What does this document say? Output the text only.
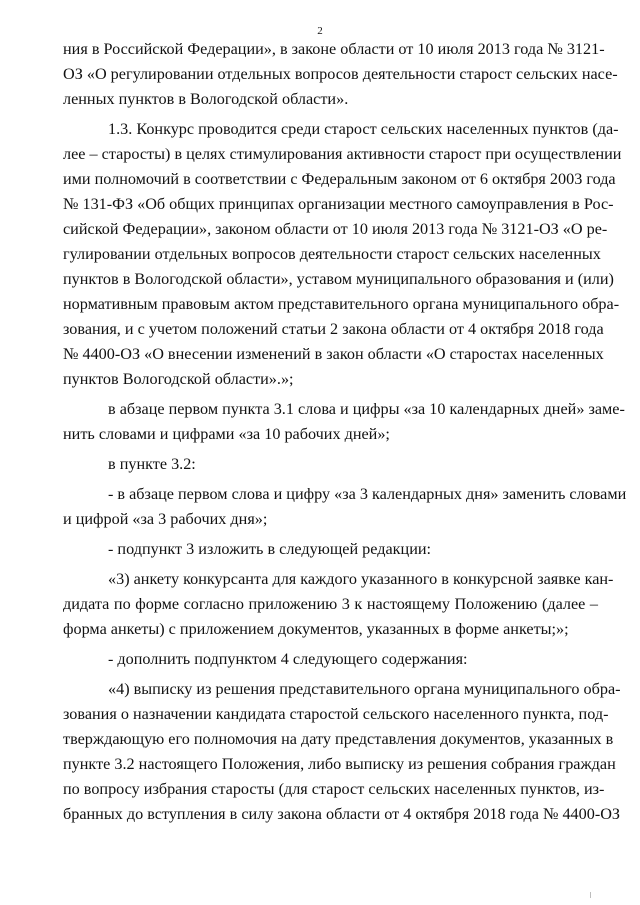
2
ния в Российской Федерации», в законе области от 10 июля 2013 года № 3121-
ОЗ «О регулировании отдельных вопросов деятельности старост сельских насе-
ленных пунктов в Вологодской области».
1.3. Конкурс проводится среди старост сельских населенных пунктов (да-
лее – старосты) в целях стимулирования активности старост при осуществлении
ими полномочий в соответствии с Федеральным законом от 6 октября 2003 года
№ 131-ФЗ «Об общих принципах организации местного самоуправления в Рос-
сийской Федерации», законом области от 10 июля 2013 года № 3121-ОЗ «О ре-
гулировании отдельных вопросов деятельности старост сельских населенных
пунктов в Вологодской области», уставом муниципального образования и (или)
нормативным правовым актом представительного органа муниципального обра-
зования, и с учетом положений статьи 2 закона области от 4 октября 2018 года
№ 4400-ОЗ «О внесении изменений в закон области «О старостах населенных
пунктов Вологодской области».»;
в абзаце первом пункта 3.1 слова и цифры «за 10 календарных дней» заме-
нить словами и цифрами «за 10 рабочих дней»;
в пункте 3.2:
- в абзаце первом слова и цифру «за 3 календарных дня» заменить словами
и цифрой «за 3 рабочих дня»;
- подпункт 3 изложить в следующей редакции:
«3) анкету конкурсанта для каждого указанного в конкурсной заявке кан-
дидата по форме согласно приложению 3 к настоящему Положению (далее –
форма анкеты) с приложением документов, указанных в форме анкеты;»;
- дополнить подпунктом 4 следующего содержания:
«4) выписку из решения представительного органа муниципального обра-
зования о назначении кандидата старостой сельского населенного пункта, под-
тверждающую его полномочия на дату представления документов, указанных в
пункте 3.2 настоящего Положения, либо выписку из решения собрания граждан
по вопросу избрания старосты (для старост сельских населенных пунктов, из-
бранных до вступления в силу закона области от 4 октября 2018 года № 4400-ОЗ
